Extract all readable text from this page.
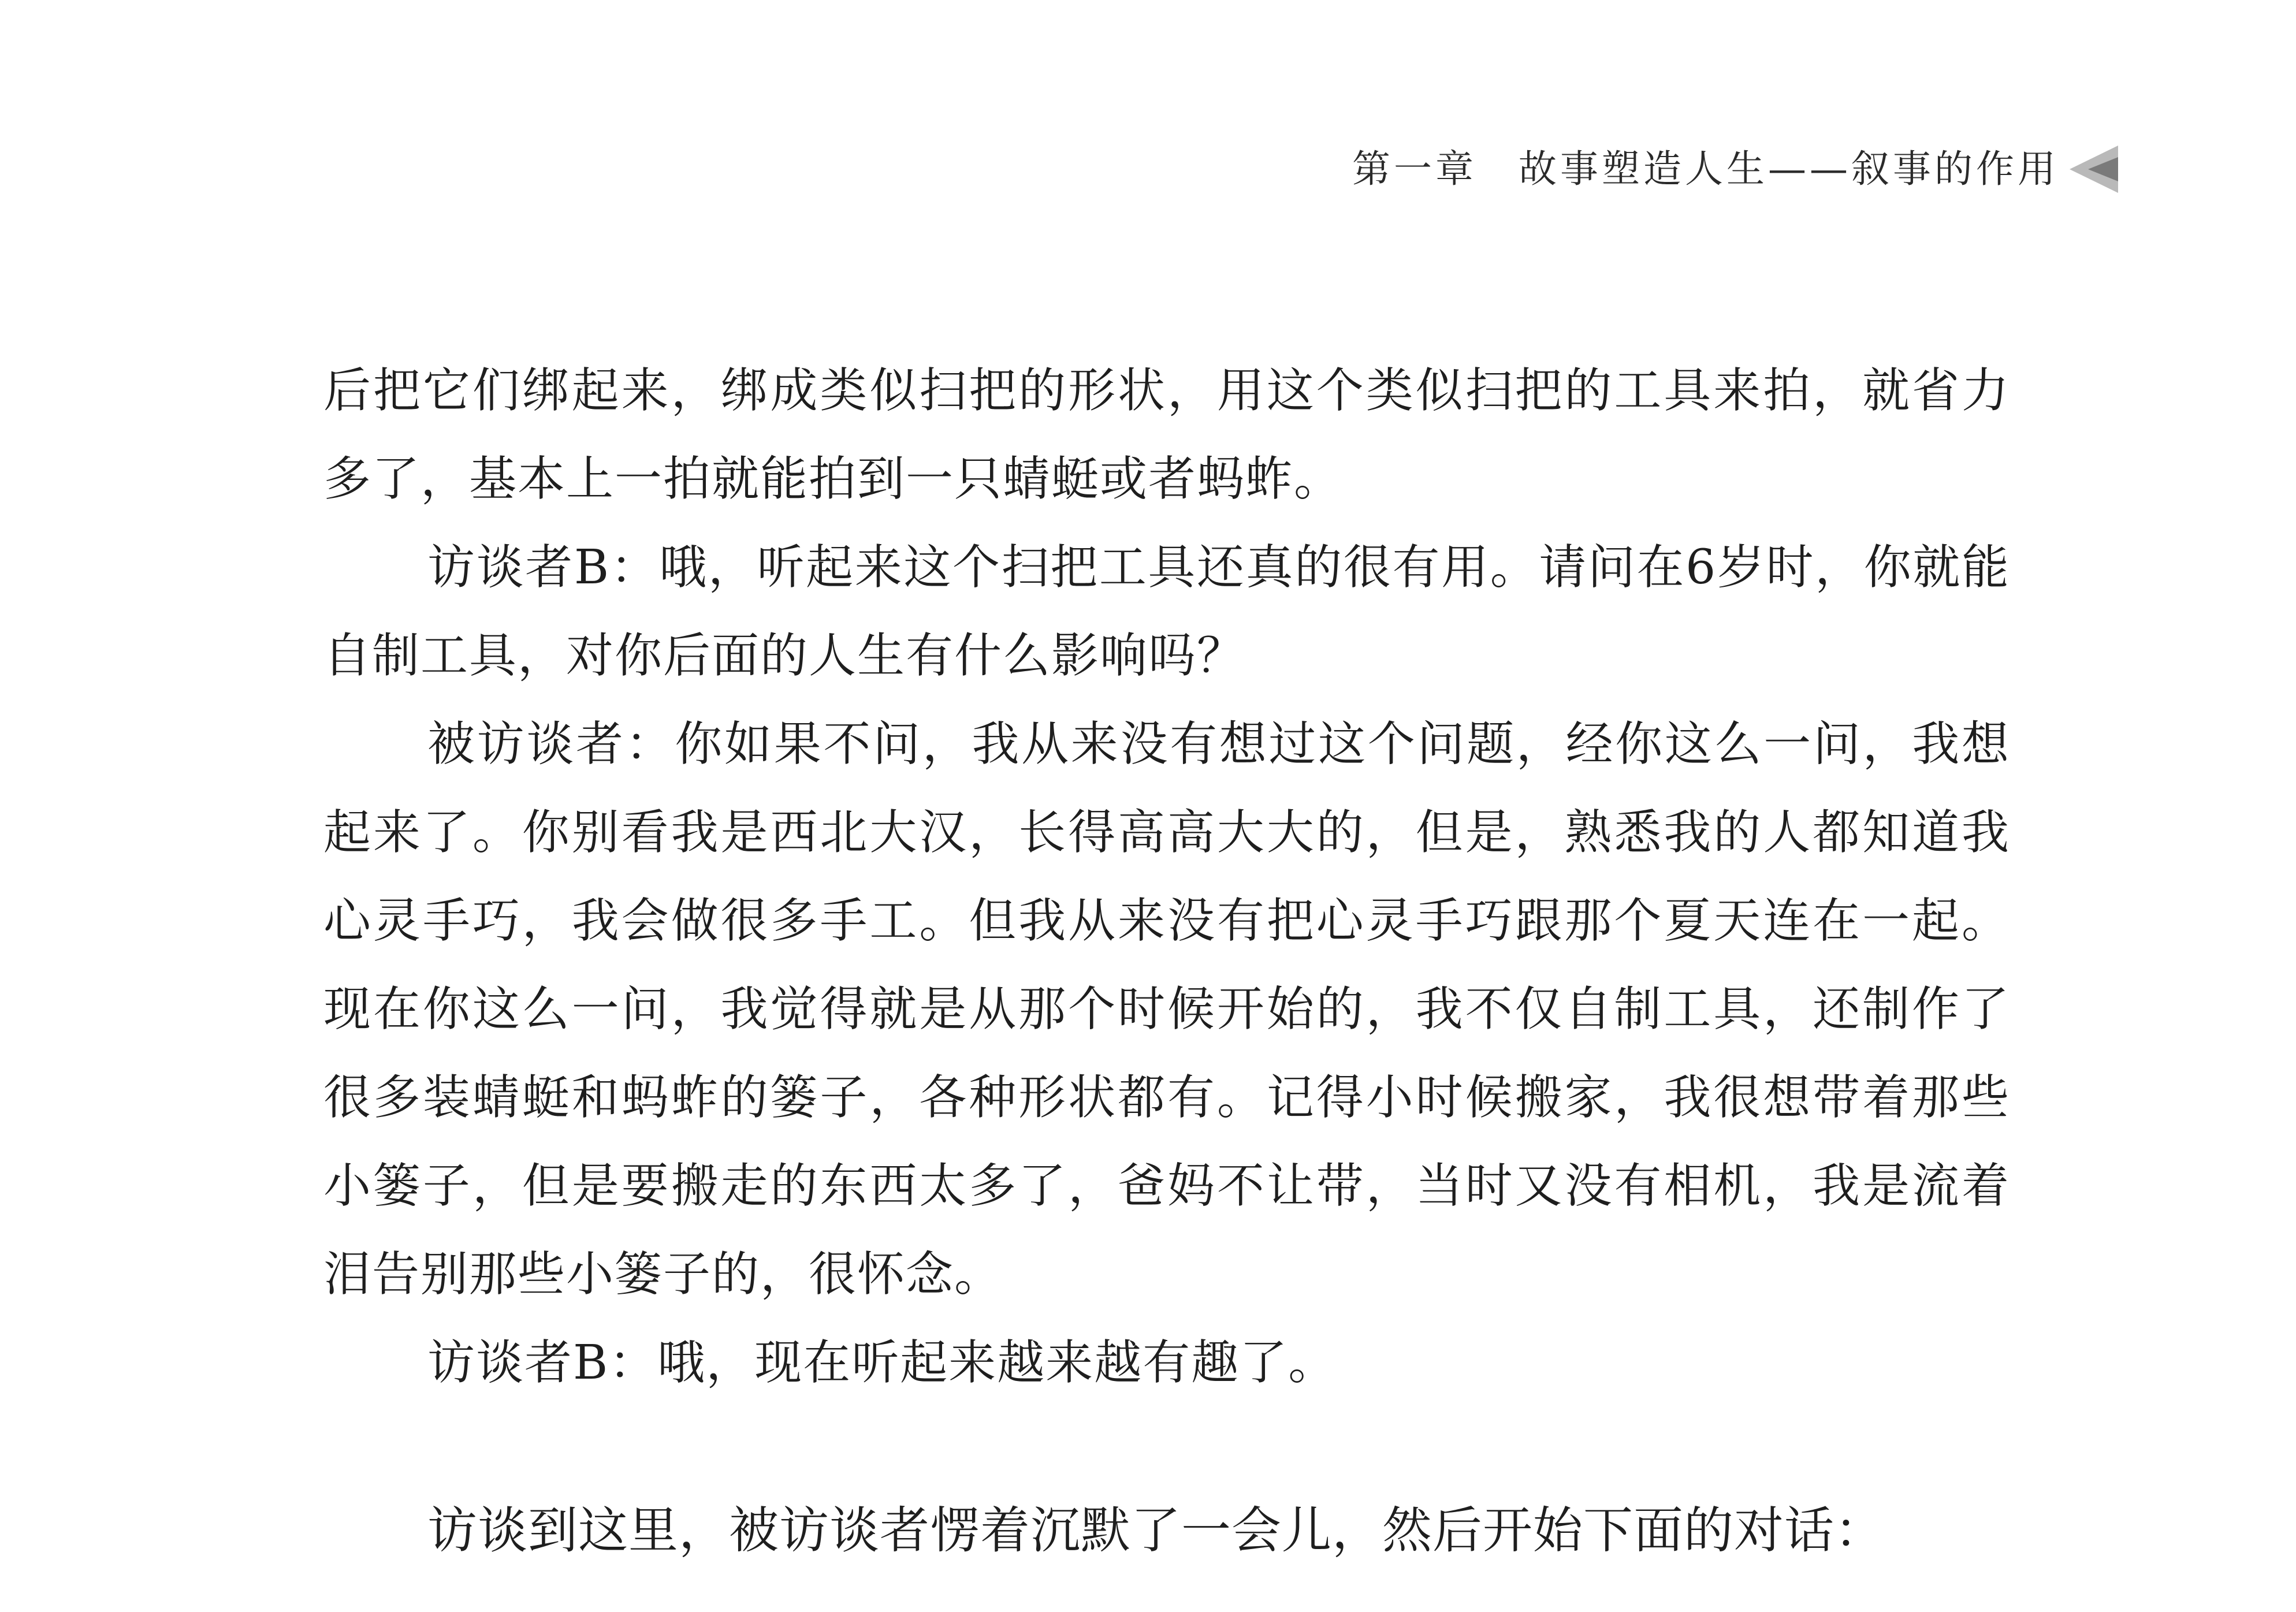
第一章　故事塑造人生——叙事的作用

后把它们绑起来，绑成类似扫把的形状，用这个类似扫把的工具来拍，就省力多了，基本上一拍就能拍到一只蜻蜓或者蚂蚱。

访谈者B：哦，听起来这个扫把工具还真的很有用。请问在6岁时，你就能自制工具，对你后面的人生有什么影响吗？

被访谈者：你如果不问，我从来没有想过这个问题，经你这么一问，我想起来了。你别看我是西北大汉，长得高高大大的，但是，熟悉我的人都知道我心灵手巧，我会做很多手工。但我从来没有把心灵手巧跟那个夏天连在一起。现在你这么一问，我觉得就是从那个时候开始的，我不仅自制工具，还制作了很多装蜻蜓和蚂蚱的篓子，各种形状都有。记得小时候搬家，我很想带着那些小篓子，但是要搬走的东西太多了，爸妈不让带，当时又没有相机，我是流着泪告别那些小篓子的，很怀念。

访谈者B：哦，现在听起来越来越有趣了。

访谈到这里，被访谈者愣着沉默了一会儿，然后开始下面的对话：
